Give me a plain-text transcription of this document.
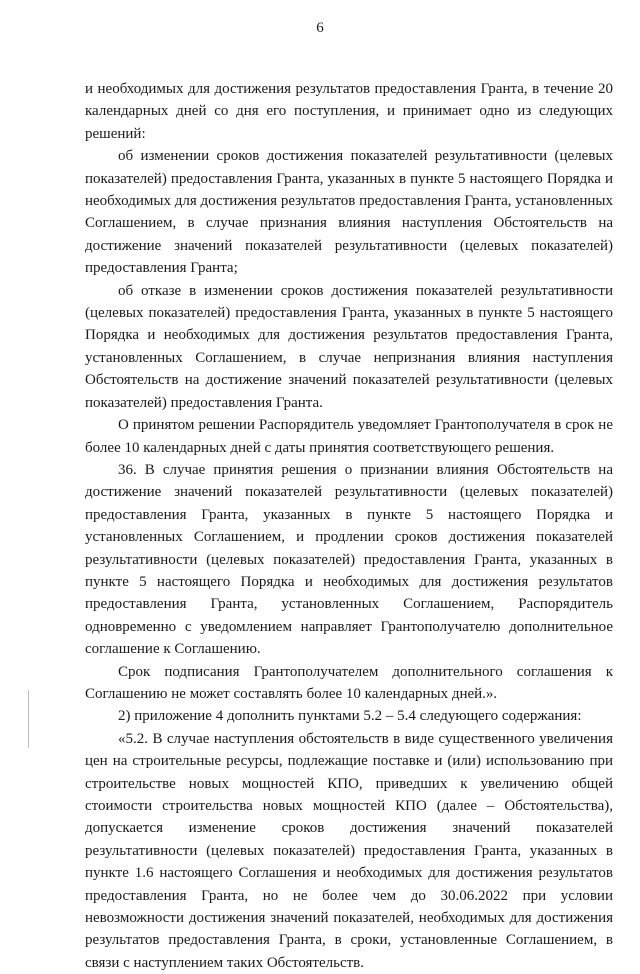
6

и необходимых для достижения результатов предоставления Гранта, в течение 20 календарных дней со дня его поступления, и принимает одно из следующих решений:

об изменении сроков достижения показателей результативности (целевых показателей) предоставления Гранта, указанных в пункте 5 настоящего Порядка и необходимых для достижения результатов предоставления Гранта, установленных Соглашением, в случае признания влияния наступления Обстоятельств на достижение значений показателей результативности (целевых показателей) предоставления Гранта;

об отказе в изменении сроков достижения показателей результативности (целевых показателей) предоставления Гранта, указанных в пункте 5 настоящего Порядка и необходимых для достижения результатов предоставления Гранта, установленных Соглашением, в случае непризнания влияния наступления Обстоятельств на достижение значений показателей результативности (целевых показателей) предоставления Гранта.

О принятом решении Распорядитель уведомляет Грантополучателя в срок не более 10 календарных дней с даты принятия соответствующего решения.

36. В случае принятия решения о признании влияния Обстоятельств на достижение значений показателей результативности (целевых показателей) предоставления Гранта, указанных в пункте 5 настоящего Порядка и установленных Соглашением, и продлении сроков достижения показателей результативности (целевых показателей) предоставления Гранта, указанных в пункте 5 настоящего Порядка и необходимых для достижения результатов предоставления Гранта, установленных Соглашением, Распорядитель одновременно с уведомлением направляет Грантополучателю дополнительное соглашение к Соглашению.

Срок подписания Грантополучателем дополнительного соглашения к Соглашению не может составлять более 10 календарных дней.».

2) приложение 4 дополнить пунктами 5.2 – 5.4 следующего содержания:

«5.2. В случае наступления обстоятельств в виде существенного увеличения цен на строительные ресурсы, подлежащие поставке и (или) использованию при строительстве новых мощностей КПО, приведших к увеличению общей стоимости строительства новых мощностей КПО (далее – Обстоятельства), допускается изменение сроков достижения значений показателей результативности (целевых показателей) предоставления Гранта, указанных в пункте 1.6 настоящего Соглашения и необходимых для достижения результатов предоставления Гранта, но не более чем до 30.06.2022 при условии невозможности достижения значений показателей, необходимых для достижения результатов предоставления Гранта, в сроки, установленные Соглашением, в связи с наступлением таких Обстоятельств.
